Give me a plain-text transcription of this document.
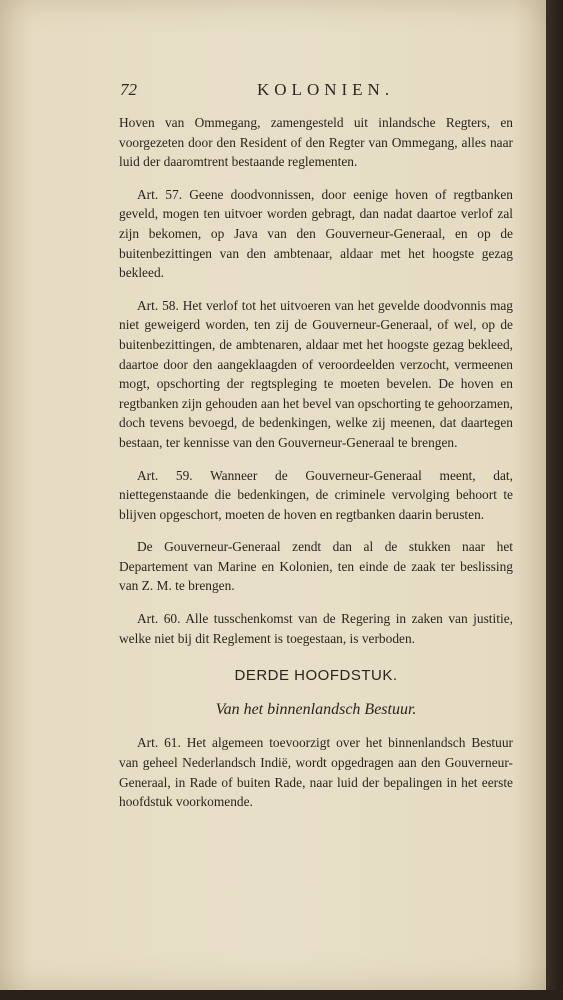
72	KOLONIEN.

Hoven van Ommegang, zamengesteld uit inlandsche Regters, en voorgezeten door den Resident of den Regter van Ommegang, alles naar luid der daaromtrent bestaande reglementen.

Art. 57. Geene doodvonnissen, door eenige hoven of regtbanken geveld, mogen ten uitvoer worden gebragt, dan nadat daartoe verlof zal zijn bekomen, op Java van den Gouverneur-Generaal, en op de buitenbezittingen van den ambtenaar, aldaar met het hoogste gezag bekleed.

Art. 58. Het verlof tot het uitvoeren van het gevelde doodvonnis mag niet geweigerd worden, ten zij de Gouverneur-Generaal, of wel, op de buitenbezittingen, de ambtenaren, aldaar met het hoogste gezag bekleed, daartoe door den aangeklaagden of veroordeelden verzocht, vermeenen mogt, opschorting der regtspleging te moeten bevelen. De hoven en regtbanken zijn gehouden aan het bevel van opschorting te gehoorzamen, doch tevens bevoegd, de bedenkingen, welke zij meenen, dat daartegen bestaan, ter kennisse van den Gouverneur-Generaal te brengen.

Art. 59. Wanneer de Gouverneur-Generaal meent, dat, niettegenstaande die bedenkingen, de criminele vervolging behoort te blijven opgeschort, moeten de hoven en regtbanken daarin berusten.

De Gouverneur-Generaal zendt dan al de stukken naar het Departement van Marine en Kolonien, ten einde de zaak ter beslissing van Z. M. te brengen.

Art. 60. Alle tusschenkomst van de Regering in zaken van justitie, welke niet bij dit Reglement is toegestaan, is verboden.

DERDE HOOFDSTUK.
Van het binnenlandsch Bestuur.

Art. 61. Het algemeen toevoorzigt over het binnenlandsch Bestuur van geheel Nederlandsch Indië, wordt opgedragen aan den Gouverneur-Generaal, in Rade of buiten Rade, naar luid der bepalingen in het eerste hoofdstuk voorkomende.
